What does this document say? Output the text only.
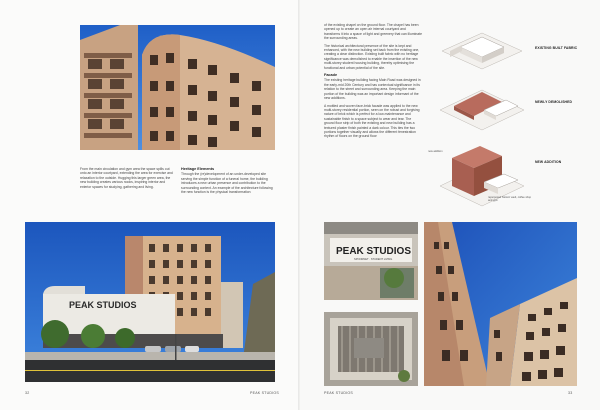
From the main circulation and gym area the space spills out onto an interior courtyard, extending the area for exercise and relaxation to the outside. Hugging this larger green area, the new building creates various nooks, inspiring interior and exterior spaces for studying, gathering and living.

Heritage Elements

Through the (re)development of an under-developed site serving the simple function of a funeral home, the building introduces a new urban presence and contribution to the surrounding context. An example of the architecture following the new function is the physical transformation

PEAK STUDIOS
32	PEAK STUDIOS

of the existing chapel on the ground floor. The chapel has been opened up to create an open air internal courtyard and transforms it into a space of light and greenery that can illuminate the surrounding areas.

The historical architectural presence of the site is kept and enhanced, with the new building set back from the existing one, creating a clear distinction. Existing built fabric with no heritage significance was demolished to enable the insertion of the new multi-storey student housing building, thereby optimising the functional and urban potential of the site.

Facade

The existing heritage building facing Main Road was designed in the early-mid 20th Century and has contextual significance in its relation to the street and surrounding area. Keeping the main portion of the building was an important design informant of the new additions.

A mottled and woven face-brick facade was applied to the new multi-storey residential portion, seen on the robust and forgiving nature of brick which is perfect for a low-maintenance and sustainable finish to a space subject to wear and tear. The ground floor strip of both the existing and new building has a textured plaster finish painted a dark colour. This ties the two portions together visually and allows the different fenestration rhythm of floors on the ground floor

EXISTING BUILT FABRIC
NEWLY DEMOLISHED
new addition
NEW ADDITION
repurposed historic vault, coffee shop and gym
PEAK STUDIOS
SPOORNET · STUDENT LIVING
PEAK STUDIOS	33
